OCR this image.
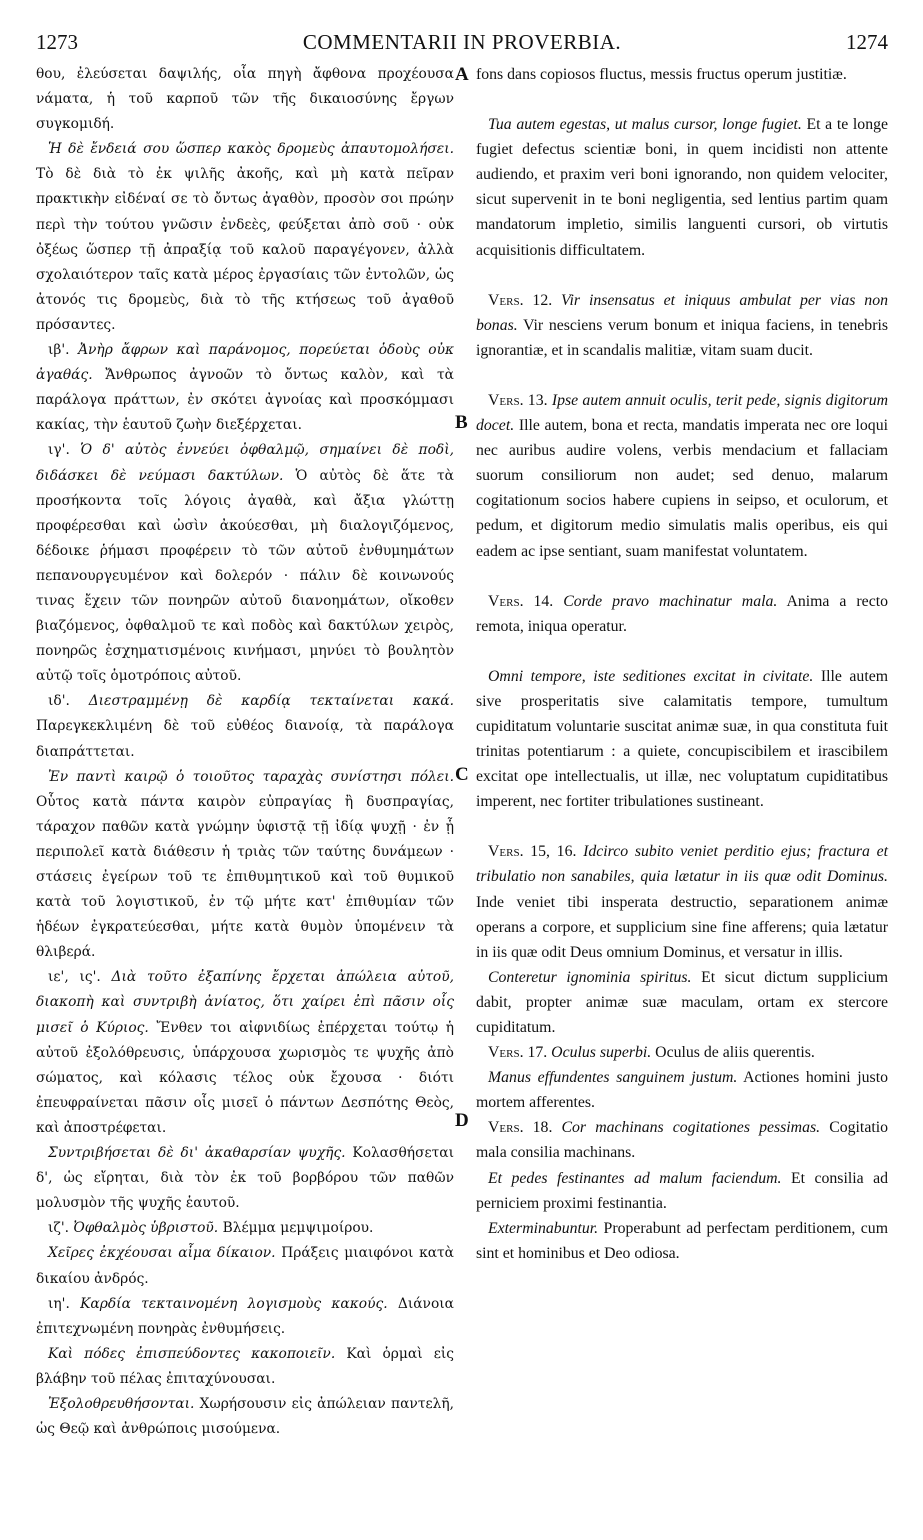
COMMENTARII IN PROVERBIA.
1273	1274
A
B
C
D

θου, ἐλεύσεται δαψιλής, οἷα πηγὴ ἄφθονα προχέουσα νάματα, ἡ τοῦ καρποῦ τῶν τῆς δικαιοσύνης ἔργων συγκομιδή.

Ἡ δὲ ἔνδειά σου ὥσπερ κακὸς δρομεὺς ἀπαυτομολήσει. Τὸ δὲ διὰ τὸ ἐκ ψιλῆς ἀκοῆς, καὶ μὴ κατὰ πεῖραν πρακτικὴν εἰδέναί σε τὸ ὄντως ἀγαθὸν, προσὸν σοι πρώην περὶ τὴν τούτου γνῶσιν ἐνδεὲς, φεύξεται ἀπὸ σοῦ · οὐκ ὀξέως ὥσπερ τῇ ἀπραξίᾳ τοῦ καλοῦ παραγέγονεν, ἀλλὰ σχολαιότερον ταῖς κατὰ μέρος ἐργασίαις τῶν ἐντολῶν, ὡς ἀτονός τις δρομεὺς, διὰ τὸ τῆς κτήσεως τοῦ ἀγαθοῦ πρόσαντες.

ιβ'. Ἀνὴρ ἄφρων καὶ παράνομος, πορεύεται ὁδοὺς οὐκ ἀγαθάς. Ἄνθρωπος ἀγνοῶν τὸ ὄντως καλὸν, καὶ τὰ παράλογα πράττων, ἐν σκότει ἀγνοίας καὶ προσκόμμασι κακίας, τὴν ἑαυτοῦ ζωὴν διεξέρχεται.

ιγ'. Ὁ δ' αὐτὸς ἐννεύει ὀφθαλμῷ, σημαίνει δὲ ποδὶ, διδάσκει δὲ νεύμασι δακτύλων. Ὁ αὐτὸς δὲ ἅτε τὰ προσήκοντα τοῖς λόγοις ἀγαθὰ, καὶ ἄξια γλώττῃ προφέρεσθαι καὶ ὠσὶν ἀκούεσθαι, μὴ διαλογιζόμενος, δέδοικε ῥήμασι προφέρειν τὸ τῶν αὐτοῦ ἐνθυμημάτων πεπανουργευμένον καὶ δολερόν · πάλιν δὲ κοινωνούς τινας ἔχειν τῶν πονηρῶν αὐτοῦ διανοημάτων, οἴκοθεν βιαζόμενος, ὀφθαλμοῦ τε καὶ ποδὸς καὶ δακτύλων χειρὸς, πονηρῶς ἐσχηματισμένοις κινήμασι, μηνύει τὸ βουλητὸν αὐτῷ τοῖς ὁμοτρόποις αὐτοῦ.

ιδ'. Διεστραμμένῃ δὲ καρδίᾳ τεκταίνεται κακά. Παρεγκεκλιμένη δὲ τοῦ εὐθέος διανοίᾳ, τὰ παράλογα διαπράττεται.

Ἐν παντὶ καιρῷ ὁ τοιοῦτος ταραχὰς συνίστησι πόλει. Οὗτος κατὰ πάντα καιρὸν εὐπραγίας ἢ δυσπραγίας, τάραχον παθῶν κατὰ γνώμην ὑφιστᾷ τῇ ἰδίᾳ ψυχῇ · ἐν ᾗ περιπολεῖ κατὰ διάθεσιν ἡ τριὰς τῶν ταύτης δυνάμεων · στάσεις ἐγείρων τοῦ τε ἐπιθυμητικοῦ καὶ τοῦ θυμικοῦ κατὰ τοῦ λογιστικοῦ, ἐν τῷ μήτε κατ' ἐπιθυμίαν τῶν ἡδέων ἐγκρατεύεσθαι, μήτε κατὰ θυμὸν ὑπομένειν τὰ θλιβερά.

ιε', ις'. Διὰ τοῦτο ἐξαπίνης ἔρχεται ἀπώλεια αὐτοῦ, διακοπὴ καὶ συντριβὴ ἀνίατος, ὅτι χαίρει ἐπὶ πᾶσιν οἷς μισεῖ ὁ Κύριος. Ἔνθεν τοι αἰφνιδίως ἐπέρχεται τούτῳ ἡ αὐτοῦ ἐξολόθρευσις, ὑπάρχουσα χωρισμὸς τε ψυχῆς ἀπὸ σώματος, καὶ κόλασις τέλος οὐκ ἔχουσα · διότι ἐπευφραίνεται πᾶσιν οἷς μισεῖ ὁ πάντων Δεσπότης Θεὸς, καὶ ἀποστρέφεται.

Συντριβήσεται δὲ δι' ἀκαθαρσίαν ψυχῆς. Κολασθήσεται δ', ὡς εἴρηται, διὰ τὸν ἐκ τοῦ βορβόρου τῶν παθῶν μολυσμὸν τῆς ψυχῆς ἑαυτοῦ.

ιζ'. Ὀφθαλμὸς ὑβριστοῦ. Βλέμμα μεμψιμοίρου.

Χεῖρες ἐκχέουσαι αἷμα δίκαιον. Πράξεις μιαιφόνοι κατὰ δικαίου ἀνδρός.

ιη'. Καρδία τεκταινομένη λογισμοὺς κακούς. Διάνοια ἐπιτεχνωμένη πονηρὰς ἐνθυμήσεις.

Καὶ πόδες ἐπισπεύδοντες κακοποιεῖν. Καὶ ὁρμαὶ εἰς βλάβην τοῦ πέλας ἐπιταχύνουσαι.

Ἐξολοθρευθήσονται. Χωρήσουσιν εἰς ἀπώλειαν παντελῆ, ὡς Θεῷ καὶ ἀνθρώποις μισούμενα.

fons dans copiosos fluctus, messis fructus operum justitiæ.

Tua autem egestas, ut malus cursor, longe fugiet. Et a te longe fugiet defectus scientiæ boni, in quem incidisti non attente audiendo, et praxim veri boni ignorando, non quidem velociter, sicut supervenit in te boni negligentia, sed lentius partim quam mandatorum impletio, similis languenti cursori, ob virtutis acquisitionis difficultatem.

Vers. 12. Vir insensatus et iniquus ambulat per vias non bonas. Vir nesciens verum bonum et iniqua faciens, in tenebris ignorantiæ, et in scandalis malitiæ, vitam suam ducit.

Vers. 13. Ipse autem annuit oculis, terit pede, signis digitorum docet. Ille autem, bona et recta, mandatis imperata nec ore loqui nec auribus audire volens, verbis mendacium et fallaciam suorum consiliorum non audet; sed denuo, malarum cogitationum socios habere cupiens in seipso, et oculorum, et pedum, et digitorum medio simulatis malis operibus, eis qui eadem ac ipse sentiant, suam manifestat voluntatem.

Vers. 14. Corde pravo machinatur mala. Anima a recto remota, iniqua operatur.

Omni tempore, iste seditiones excitat in civitate. Ille autem sive prosperitatis sive calamitatis tempore, tumultum cupiditatum voluntarie suscitat animæ suæ, in qua constituta fuit trinitas potentiarum : a quiete, concupiscibilem et irascibilem excitat ope intellectualis, ut illæ, nec voluptatum cupiditatibus imperent, nec fortiter tribulationes sustineant.

Vers. 15, 16. Idcirco subito veniet perditio ejus; fractura et tribulatio non sanabiles, quia lætatur in iis quæ odit Dominus. Inde veniet tibi insperata destructio, separationem animæ operans a corpore, et supplicium sine fine afferens; quia lætatur in iis quæ odit Deus omnium Dominus, et versatur in illis.

Conteretur ignominia spiritus. Et sicut dictum supplicium dabit, propter animæ suæ maculam, ortam ex stercore cupiditatum.

Vers. 17. Oculus superbi. Oculus de aliis querentis.

Manus effundentes sanguinem justum. Actiones homini justo mortem afferentes.

Vers. 18. Cor machinans cogitationes pessimas. Cogitatio mala consilia machinans.

Et pedes festinantes ad malum faciendum. Et consilia ad perniciem proximi festinantia.

Exterminabuntur. Properabunt ad perfectam perditionem, cum sint et hominibus et Deo odiosa.
